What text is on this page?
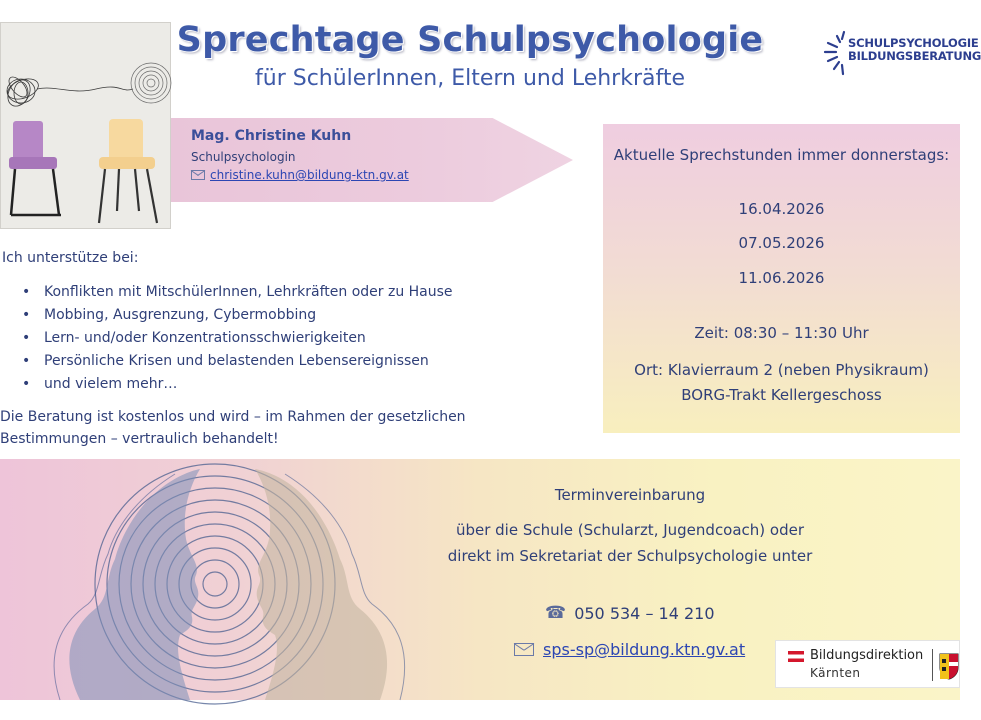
Sprechtage Schulpsychologie
für SchülerInnen, Eltern und Lehrkräfte
SCHULPSYCHOLOGIE
BILDUNGSBERATUNG
Mag. Christine Kuhn
Schulpsychologin
christine.kuhn@bildung-ktn.gv.at
Ich unterstütze bei:
• Konflikten mit MitschülerInnen, Lehrkräften oder zu Hause
• Mobbing, Ausgrenzung, Cybermobbing
• Lern- und/oder Konzentrationsschwierigkeiten
• Persönliche Krisen und belastenden Lebensereignissen
• und vielem mehr…
Die Beratung ist kostenlos und wird – im Rahmen der gesetzlichen
Bestimmungen – vertraulich behandelt!
Aktuelle Sprechstunden immer donnerstags:
16.04.2026
07.05.2026
11.06.2026
Zeit: 08:30 – 11:30 Uhr
Ort: Klavierraum 2 (neben Physikraum)
BORG-Trakt Kellergeschoss
Terminvereinbarung
über die Schule (Schularzt, Jugendcoach) oder
direkt im Sekretariat der Schulpsychologie unter
☎ 050 534 – 14 210
sps-sp@bildung.ktn.gv.at	Bildungsdirektion
Kärnten
